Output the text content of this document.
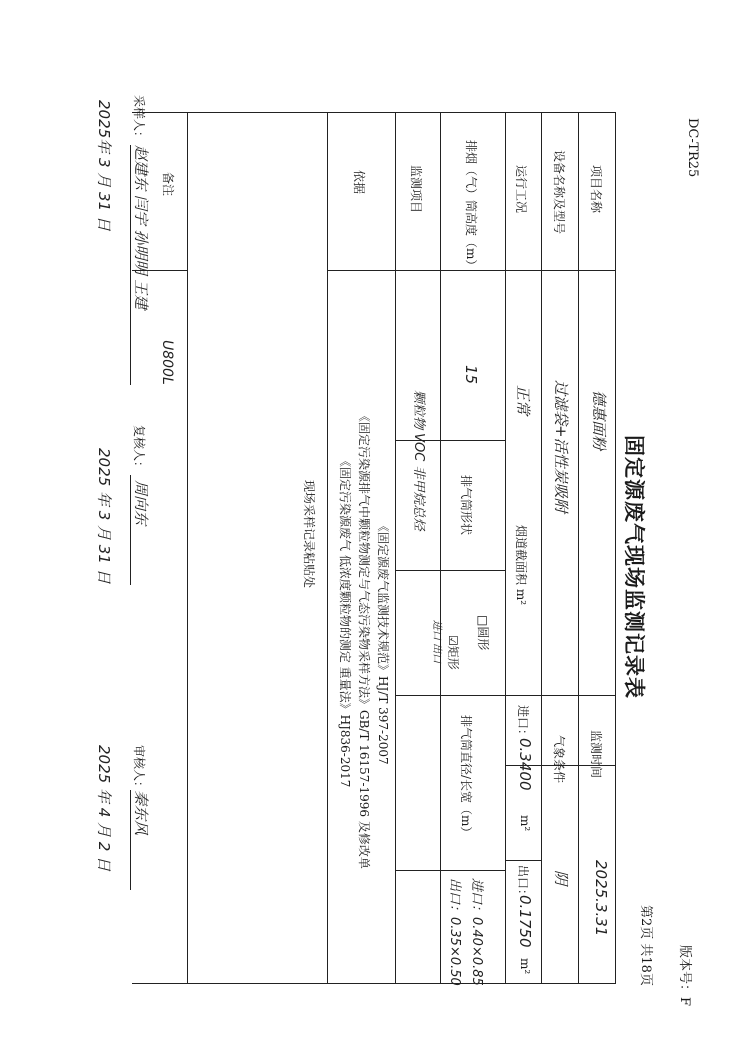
DC-TR25
版本号：F
第2页 共18页
固定源废气现场监测记录表
项目名称
设备名称及型号
运行工况
排烟（气）筒高度（m）
监测项目
依据
备注
德惠面粉
过滤袋+活性炭吸附
正常
15
颗粒物 VOC 非甲烷总烃
监测时间
2025.3.31
气象条件
阴
烟道截面积 m²
进口：
0.3400
m²
出口：
0.1750
m²
排气筒形状
□圆形
☑矩形
进口 出口
排气筒直径/长宽（m）
进口：0.40×0.85
出口：0.35×0.50
《固定源废气监测技术规范》HJ/T 397-2007
《固定污染源排气中颗粒物测定与气态污染物采样方法》GB/T 16157-1996 及修改单
《固定污染源废气 低浓度颗粒物的测定 重量法》HJ836-2017
现场采样记录粘贴处
采样人：
赵建东 闫宇 孙明明 王建
2025年 3 月 31 日
U800L
复核人：
周向东
2025 年 3 月 31 日
审核人：
秦东风
2025 年 4 月 2 日
